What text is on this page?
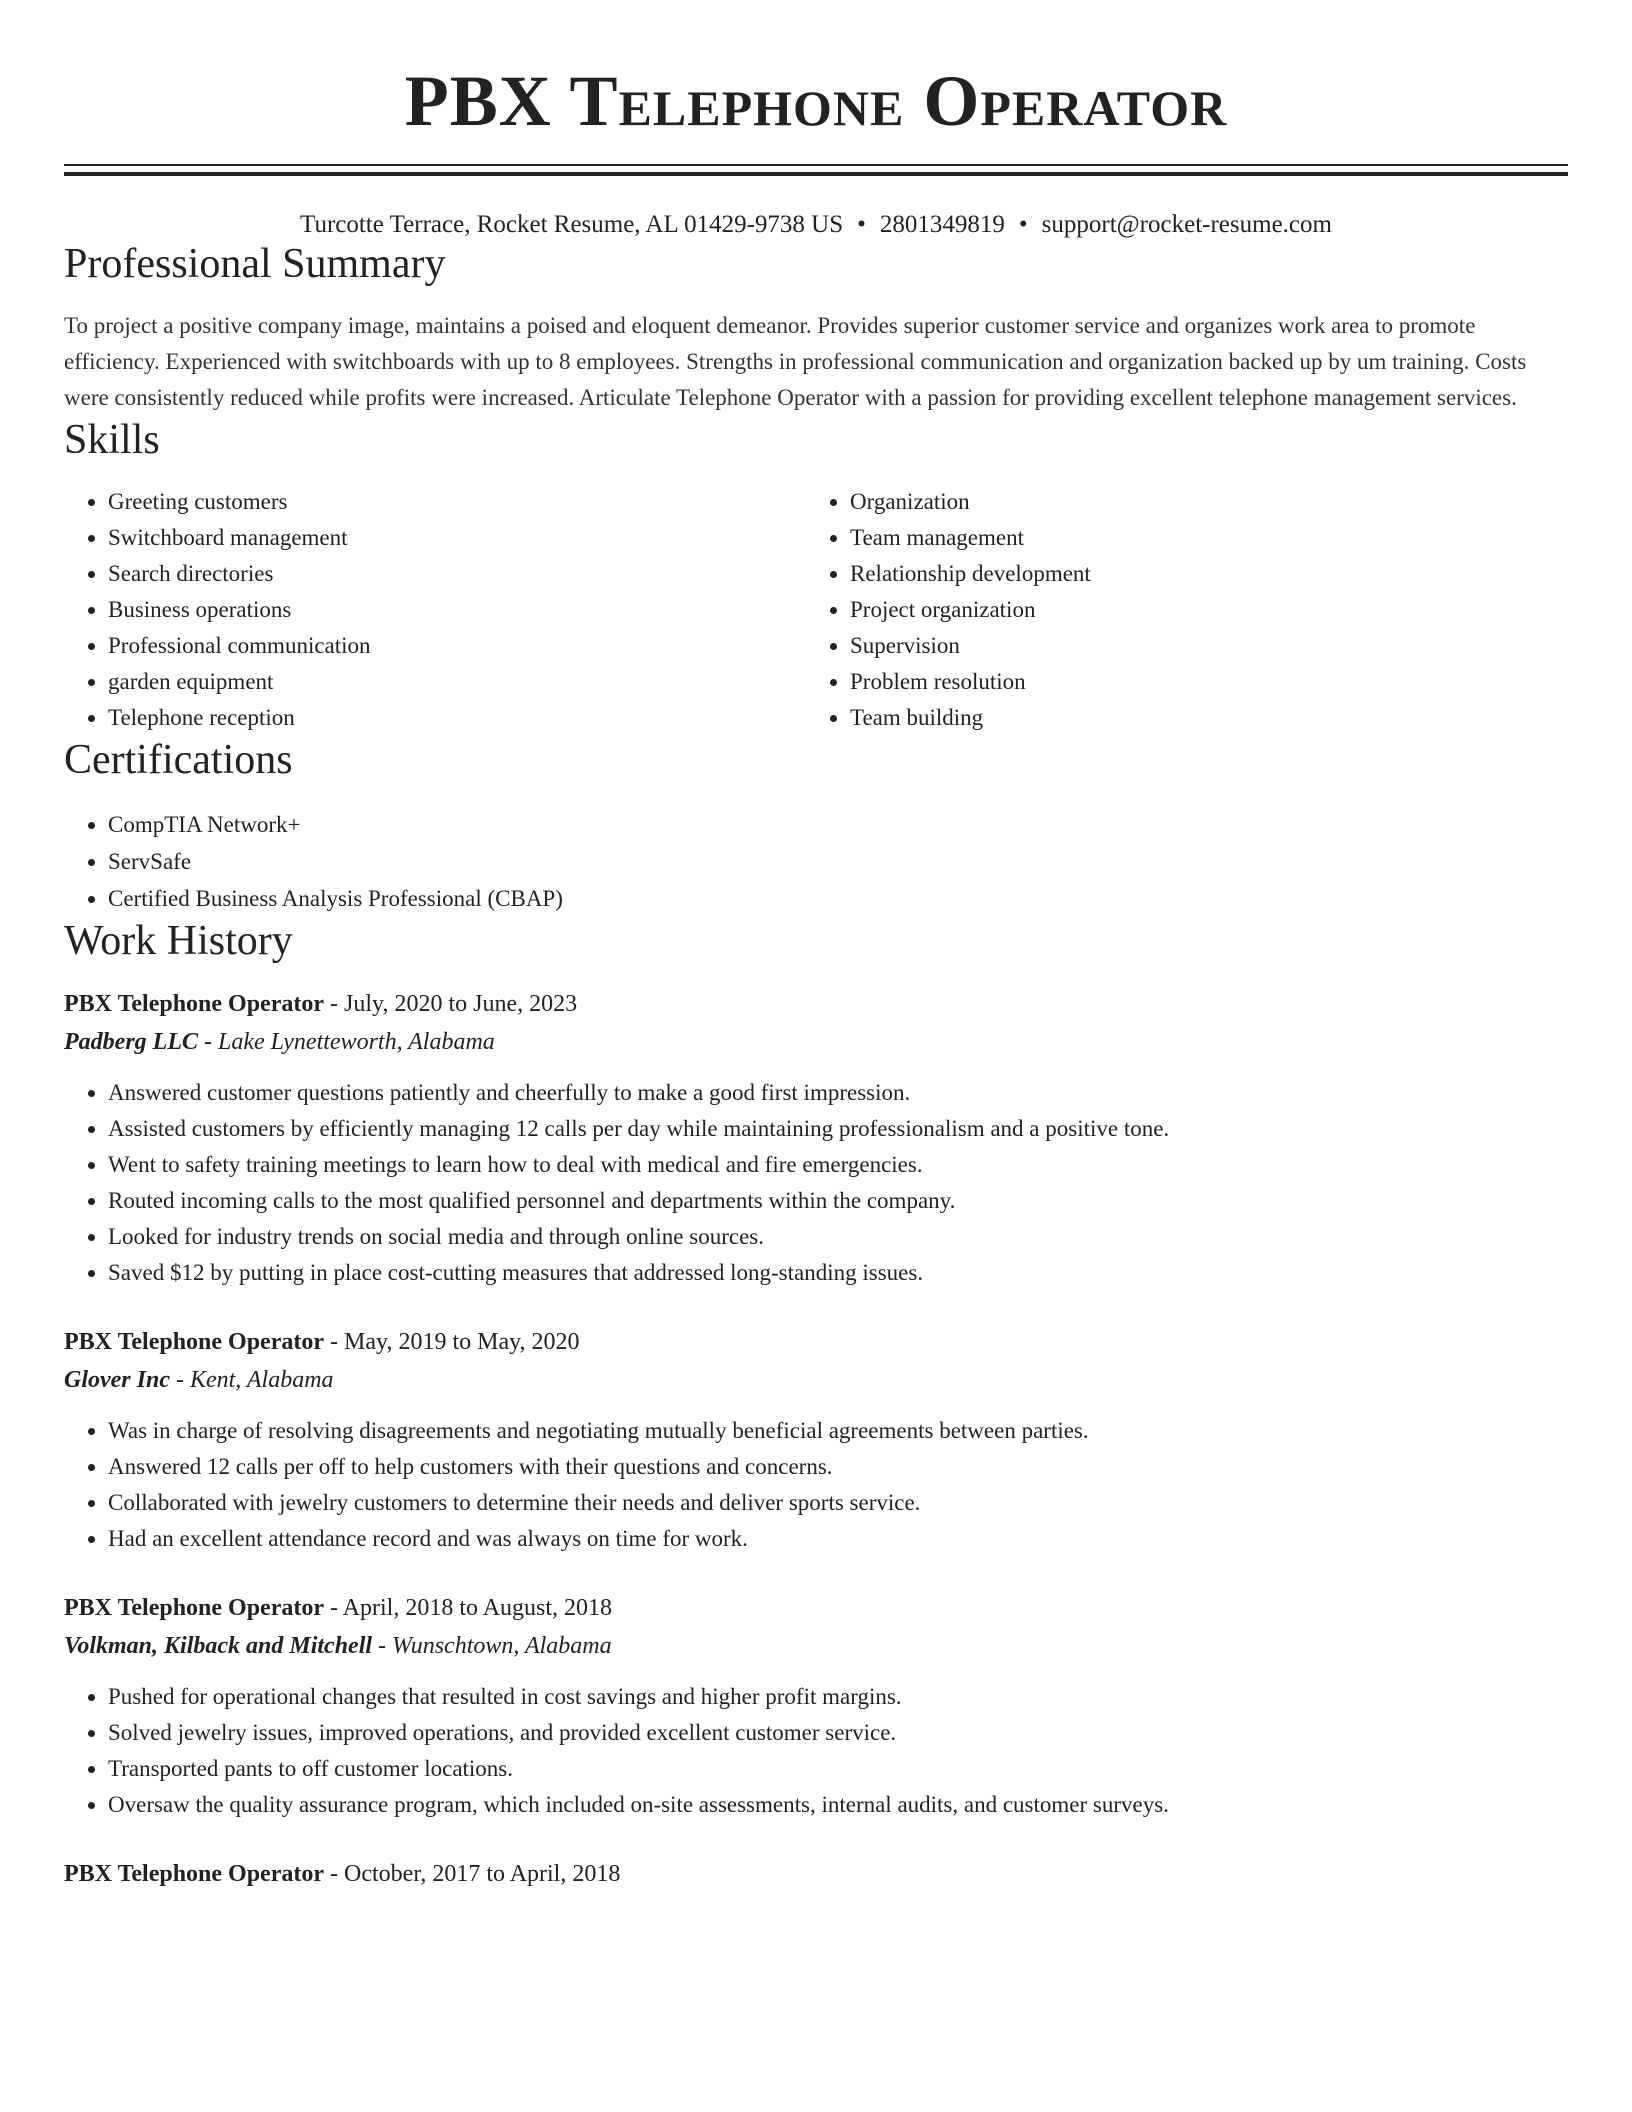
PBX Telephone Operator
Turcotte Terrace, Rocket Resume, AL 01429-9738 US • 2801349819 • support@rocket-resume.com
Professional Summary

To project a positive company image, maintains a poised and eloquent demeanor. Provides superior customer service and organizes work area to promote efficiency. Experienced with switchboards with up to 8 employees. Strengths in professional communication and organization backed up by um training. Costs were consistently reduced while profits were increased. Articulate Telephone Operator with a passion for providing excellent telephone management services.

Skills
• Greeting customers
• Switchboard management
• Search directories
• Business operations
• Professional communication
• garden equipment
• Telephone reception
• Organization
• Team management
• Relationship development
• Project organization
• Supervision
• Problem resolution
• Team building
Certifications
• CompTIA Network+
• ServSafe
• Certified Business Analysis Professional (CBAP)
Work History
PBX Telephone Operator - July, 2020 to June, 2023
Padberg LLC - Lake Lynetteworth, Alabama
• Answered customer questions patiently and cheerfully to make a good first impression.
• Assisted customers by efficiently managing 12 calls per day while maintaining professionalism and a positive tone.
• Went to safety training meetings to learn how to deal with medical and fire emergencies.
• Routed incoming calls to the most qualified personnel and departments within the company.
• Looked for industry trends on social media and through online sources.
• Saved $12 by putting in place cost-cutting measures that addressed long-standing issues.
PBX Telephone Operator - May, 2019 to May, 2020
Glover Inc - Kent, Alabama
• Was in charge of resolving disagreements and negotiating mutually beneficial agreements between parties.
• Answered 12 calls per off to help customers with their questions and concerns.
• Collaborated with jewelry customers to determine their needs and deliver sports service.
• Had an excellent attendance record and was always on time for work.
PBX Telephone Operator - April, 2018 to August, 2018
Volkman, Kilback and Mitchell - Wunschtown, Alabama
• Pushed for operational changes that resulted in cost savings and higher profit margins.
• Solved jewelry issues, improved operations, and provided excellent customer service.
• Transported pants to off customer locations.
• Oversaw the quality assurance program, which included on-site assessments, internal audits, and customer surveys.
PBX Telephone Operator - October, 2017 to April, 2018
